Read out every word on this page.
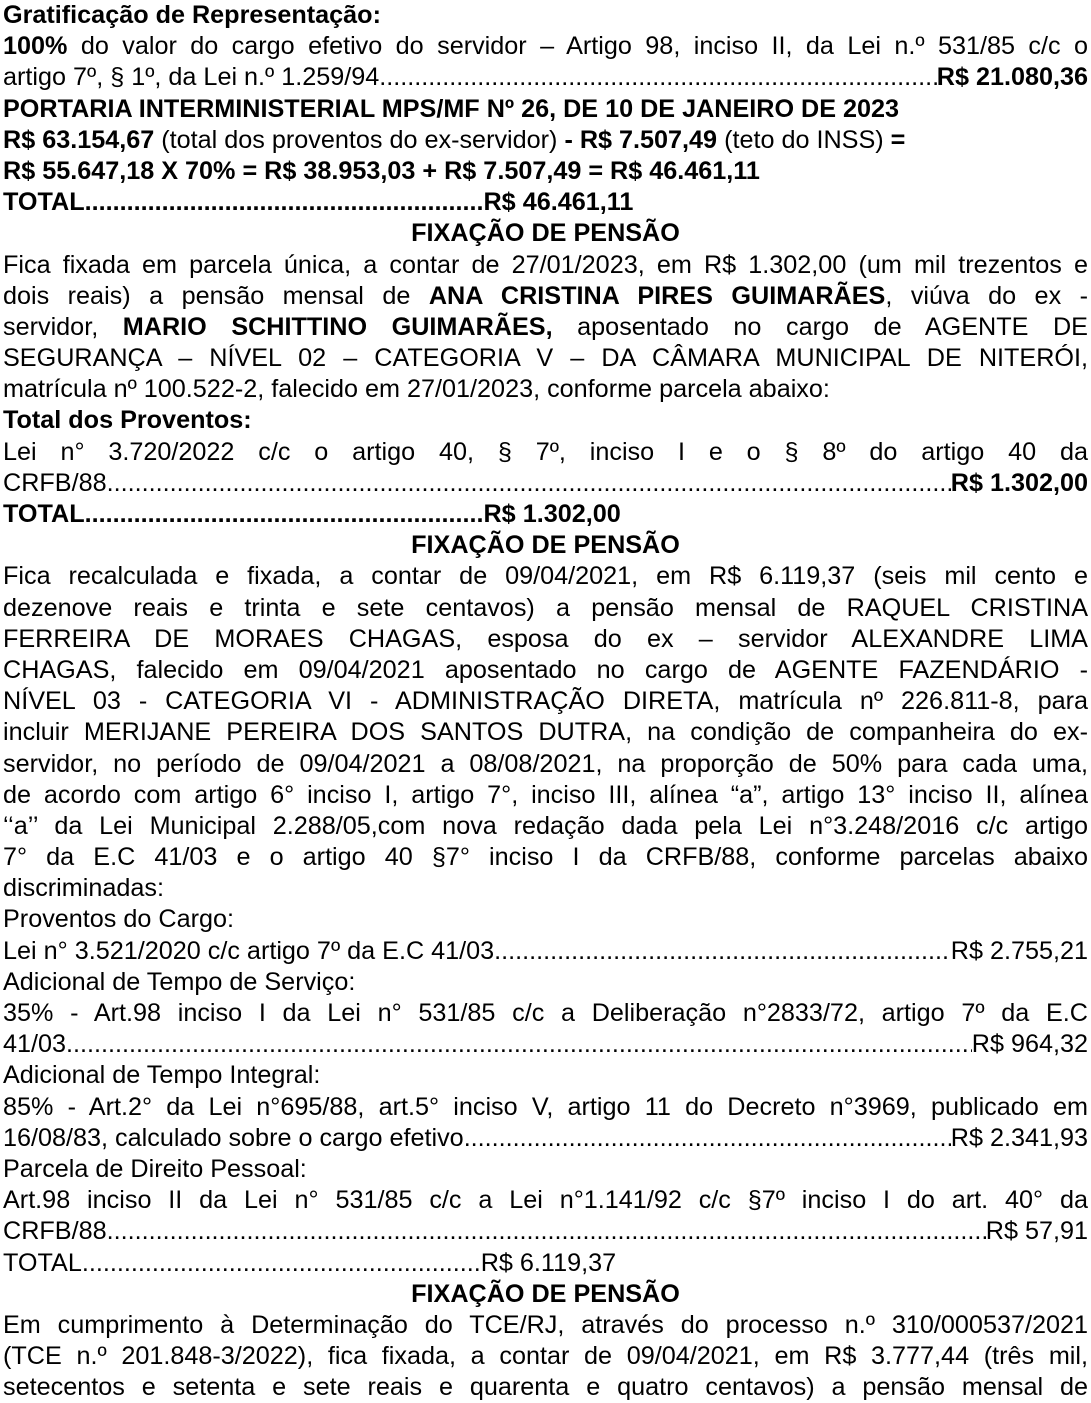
Gratificação de Representação:
100% do valor do cargo efetivo do servidor – Artigo 98, inciso II, da Lei n.º 531/85 c/c o
artigo 7º, § 1º, da Lei n.º 1.259/94 .....	R$ 21.080,36
PORTARIA INTERMINISTERIAL MPS/MF Nº 26, DE 10 DE JANEIRO DE 2023
R$ 63.154,67 (total dos proventos do ex-servidor) - R$ 7.507,49 (teto do INSS) =
R$ 55.647,18 X 70% = R$ 38.953,03 + R$ 7.507,49 = R$ 46.461,11
TOTAL.........................................................R$ 46.461,11
FIXAÇÃO DE PENSÃO
Fica fixada em parcela única, a contar de 27/01/2023, em R$ 1.302,00 (um mil trezentos e
dois reais) a pensão mensal de ANA CRISTINA PIRES GUIMARÃES, viúva do ex -
servidor, MARIO SCHITTINO GUIMARÃES, aposentado no cargo de AGENTE DE
SEGURANÇA – NÍVEL 02 – CATEGORIA V – DA CÂMARA MUNICIPAL DE NITERÓI,
matrícula nº 100.522-2, falecido em 27/01/2023, conforme parcela abaixo:
Total dos Proventos:
Lei n° 3.720/2022 c/c o artigo 40, § 7º, inciso I e o § 8º do artigo 40 da
CRFB/88 .....	R$ 1.302,00
TOTAL.........................................................R$ 1.302,00
FIXAÇÃO DE PENSÃO
Fica recalculada e fixada, a contar de 09/04/2021, em R$ 6.119,37 (seis mil cento e
dezenove reais e trinta e sete centavos) a pensão mensal de RAQUEL CRISTINA
FERREIRA DE MORAES CHAGAS, esposa do ex – servidor ALEXANDRE LIMA
CHAGAS, falecido em 09/04/2021 aposentado no cargo de AGENTE FAZENDÁRIO -
NÍVEL 03 - CATEGORIA VI - ADMINISTRAÇÃO DIRETA, matrícula nº 226.811-8, para
incluir MERIJANE PEREIRA DOS SANTOS DUTRA, na condição de companheira do ex-
servidor, no período de 09/04/2021 a 08/08/2021, na proporção de 50% para cada uma,
de acordo com artigo 6° inciso I, artigo 7°, inciso III, alínea “a”, artigo 13° inciso II, alínea
‘‘a’’ da Lei Municipal 2.288/05,com nova redação dada pela Lei n°3.248/2016 c/c artigo
7° da E.C 41/03 e o artigo 40 §7° inciso I da CRFB/88, conforme parcelas abaixo
discriminadas:
Proventos do Cargo:
Lei n° 3.521/2020 c/c artigo 7º da E.C 41/03 .....	R$ 2.755,21
Adicional de Tempo de Serviço:
35% - Art.98 inciso I da Lei n° 531/85 c/c a Deliberação n°2833/72, artigo 7º da E.C
41/03 .....	R$ 964,32
Adicional de Tempo Integral:
85% - Art.2° da Lei n°695/88, art.5° inciso V, artigo 11 do Decreto n°3969, publicado em
16/08/83, calculado sobre o cargo efetivo .....	R$ 2.341,93
Parcela de Direito Pessoal:
Art.98 inciso II da Lei n° 531/85 c/c a Lei n°1.141/92 c/c §7º inciso I do art. 40° da
CRFB/88 .....	R$ 57,91
TOTAL.........................................................R$ 6.119,37
FIXAÇÃO DE PENSÃO
Em cumprimento à Determinação do TCE/RJ, através do processo n.º 310/000537/2021
(TCE n.º 201.848-3/2022), fica fixada, a contar de 09/04/2021, em R$ 3.777,44 (três mil,
setecentos e setenta e sete reais e quarenta e quatro centavos) a pensão mensal de
